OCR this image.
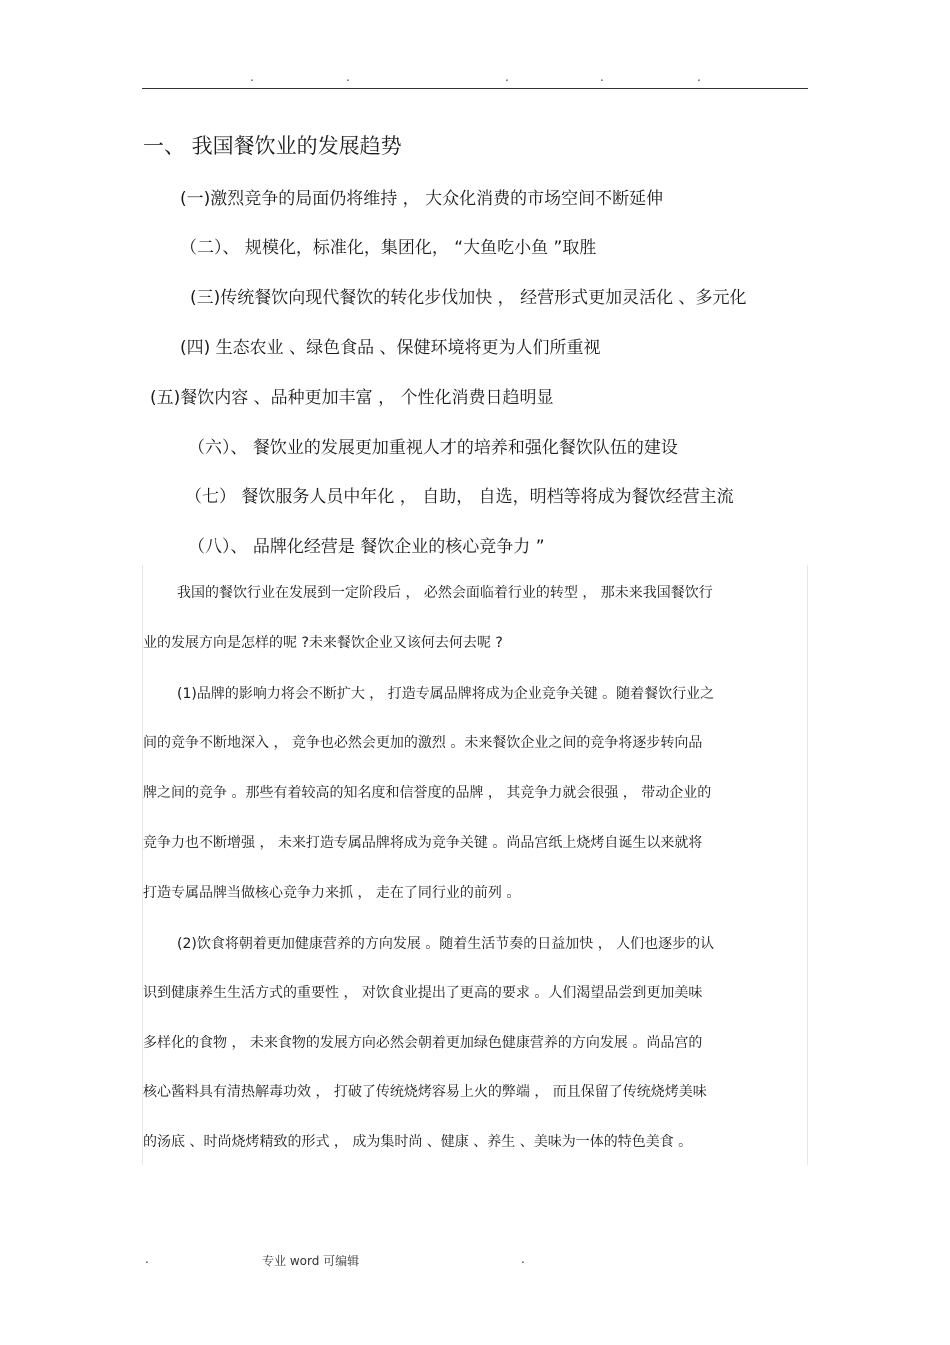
.	.	.	.	.
一、 我国餐饮业的发展趋势
(一)激烈竞争的局面仍将维持 ， 大众化消费的市场空间不断延伸
（二）、 规模化，标准化，集团化， “大鱼吃小鱼 ”取胜
(三)传统餐饮向现代餐饮的转化步伐加快 ， 经营形式更加灵活化 、多元化
(四) 生态农业 、绿色食品 、保健环境将更为人们所重视
(五)餐饮内容 、品种更加丰富 ， 个性化消费日趋明显
（六）、 餐饮业的发展更加重视人才的培养和强化餐饮队伍的建设
（七） 餐饮服务人员中年化 ， 自助， 自选，明档等将成为餐饮经营主流
（八）、 品牌化经营是 餐饮企业的核心竞争力 ”
我国的餐饮行业在发展到一定阶段后 ， 必然会面临着行业的转型 ， 那未来我国餐饮行
业的发展方向是怎样的呢 ?未来餐饮企业又该何去何去呢 ?
(1)品牌的影响力将会不断扩大 ， 打造专属品牌将成为企业竞争关键 。随着餐饮行业之
间的竞争不断地深入 ， 竞争也必然会更加的激烈 。未来餐饮企业之间的竞争将逐步转向品
牌之间的竞争 。那些有着较高的知名度和信誉度的品牌 ， 其竞争力就会很强 ， 带动企业的
竞争力也不断增强 ， 未来打造专属品牌将成为竞争关键 。尚品宫纸上烧烤自诞生以来就将
打造专属品牌当做核心竞争力来抓 ， 走在了同行业的前列 。
(2)饮食将朝着更加健康营养的方向发展 。随着生活节奏的日益加快 ， 人们也逐步的认
识到健康养生生活方式的重要性 ， 对饮食业提出了更高的要求 。人们渴望品尝到更加美味
多样化的食物 ， 未来食物的发展方向必然会朝着更加绿色健康营养的方向发展 。尚品宫的
核心酱料具有清热解毒功效 ， 打破了传统烧烤容易上火的弊端 ， 而且保留了传统烧烤美味
的汤底 、时尚烧烤精致的形式 ， 成为集时尚 、健康 、养生 、美味为一体的特色美食 。
.	专业 word 可编辑	.
